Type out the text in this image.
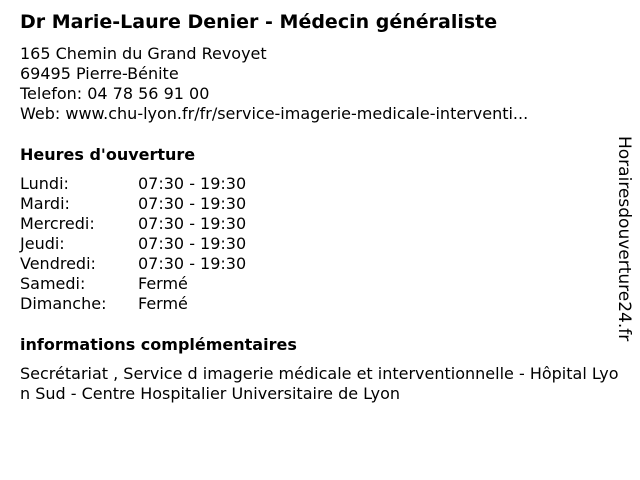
Dr Marie-Laure Denier - Médecin généraliste
165 Chemin du Grand Revoyet
69495 Pierre-Bénite
Telefon: 04 78 56 91 00
Web: www.chu-lyon.fr/fr/service-imagerie-medicale-interventi...
Heures d'ouverture
Lundi:	07:30 - 19:30
Mardi:	07:30 - 19:30
Mercredi:	07:30 - 19:30
Jeudi:	07:30 - 19:30
Vendredi:	07:30 - 19:30
Samedi:	Fermé
Dimanche:	Fermé
informations complémentaires
Secrétariat , Service d imagerie médicale et interventionnelle - Hôpital Lyon Sud - Centre Hospitalier Universitaire de Lyon
Horairesdouverture24.fr
